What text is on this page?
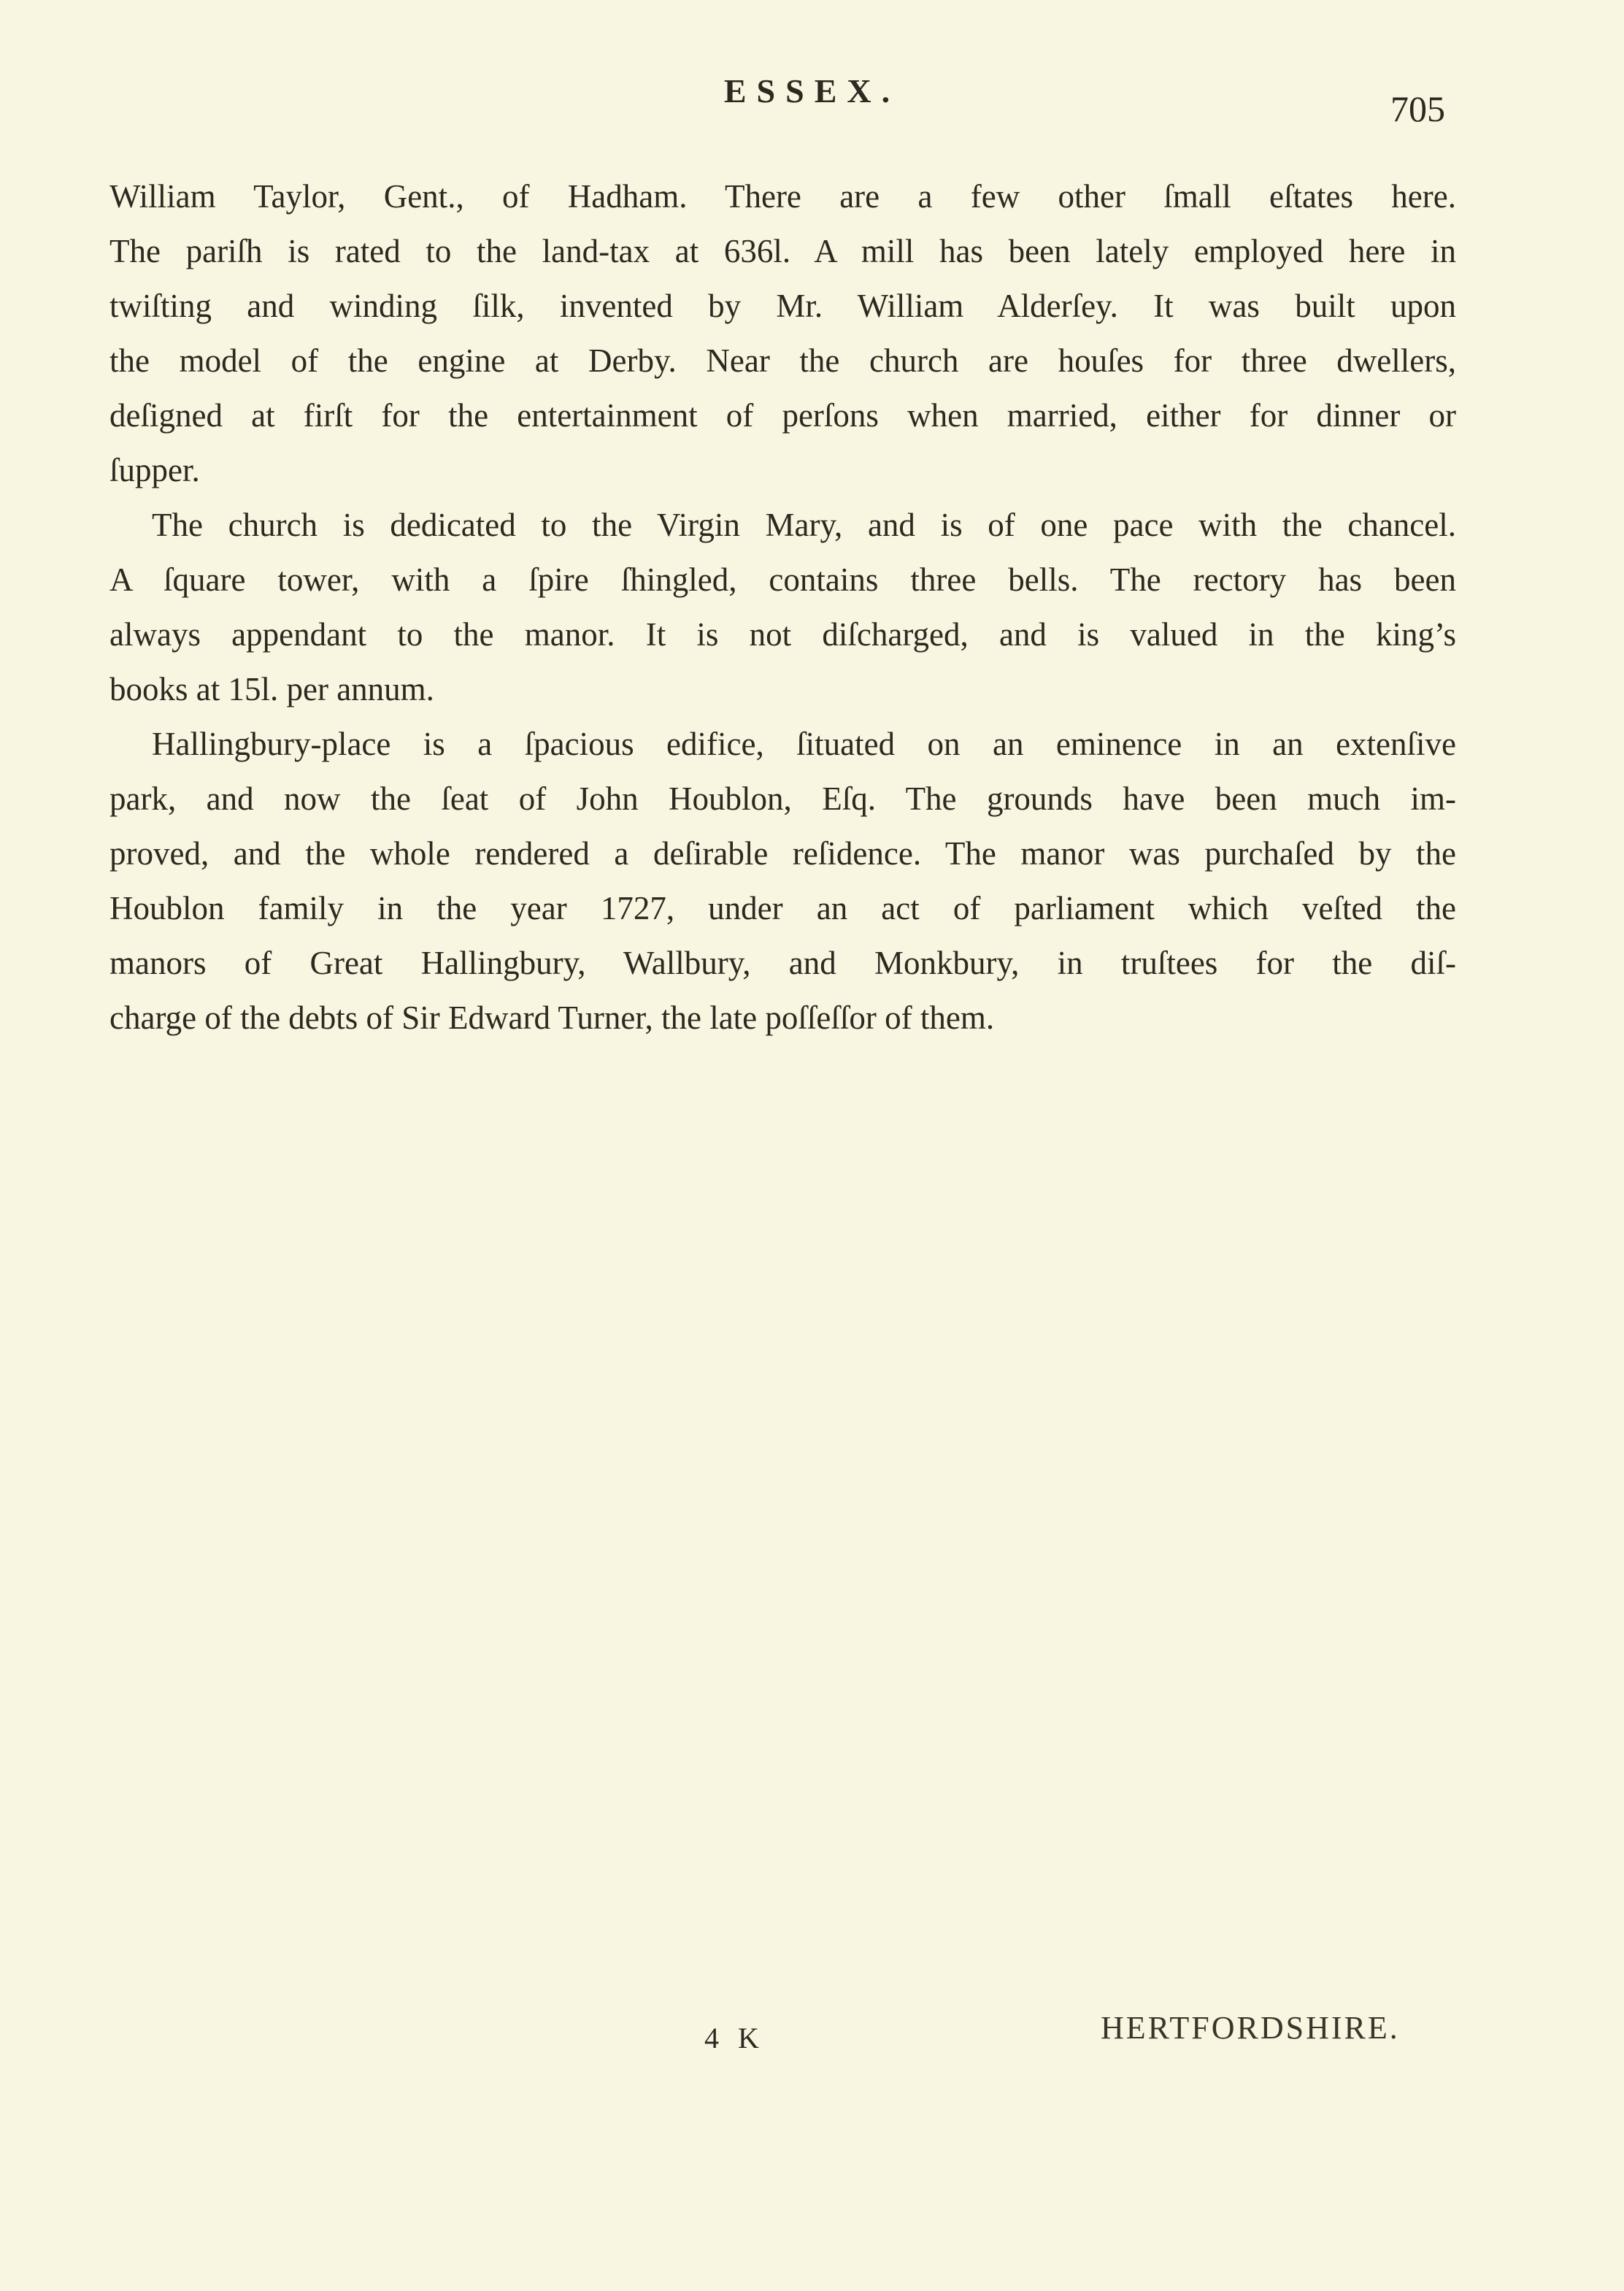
ESSEX.	705
William Taylor, Gent., of Hadham. There are a few other ſmall eſtates here.
The pariſh is rated to the land-tax at 636l. A mill has been lately employed here in
twiſting and winding ſilk, invented by Mr. William Alderſey. It was built upon
the model of the engine at Derby. Near the church are houſes for three dwellers,
deſigned at firſt for the entertainment of perſons when married, either for dinner or
ſupper.
The church is dedicated to the Virgin Mary, and is of one pace with the chancel.
A ſquare tower, with a ſpire ſhingled, contains three bells. The rectory has been
always appendant to the manor. It is not diſcharged, and is valued in the king’s
books at 15l. per annum.
Hallingbury-place is a ſpacious edifice, ſituated on an eminence in an extenſive
park, and now the ſeat of John Houblon, Eſq. The grounds have been much im-
proved, and the whole rendered a deſirable reſidence. The manor was purchaſed by the
Houblon family in the year 1727, under an act of parliament which veſted the
manors of Great Hallingbury, Wallbury, and Monkbury, in truſtees for the diſ-
charge of the debts of Sir Edward Turner, the late poſſeſſor of them.
4 K	HERTFORDSHIRE.
